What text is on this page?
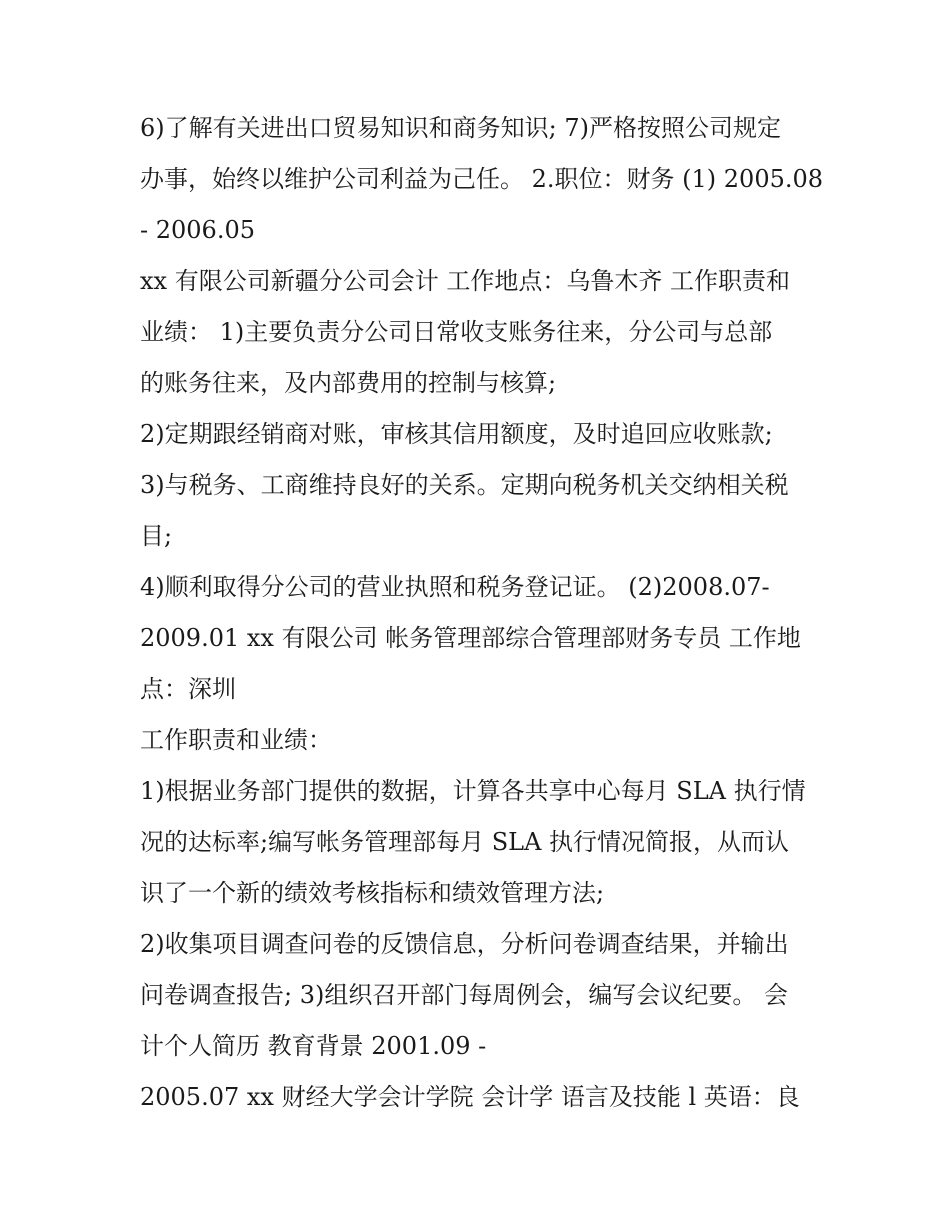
6)了解有关进出口贸易知识和商务知识; 7)严格按照公司规定
办事，始终以维护公司利益为己任。 2.职位：财务 (1) 2005.08
- 2006.05
xx 有限公司新疆分公司会计 工作地点：乌鲁木齐 工作职责和
业绩： 1)主要负责分公司日常收支账务往来，分公司与总部
的账务往来，及内部费用的控制与核算;
2)定期跟经销商对账，审核其信用额度，及时追回应收账款;
3)与税务、工商维持良好的关系。定期向税务机关交纳相关税
目;
4)顺利取得分公司的营业执照和税务登记证。 (2)2008.07-
2009.01 xx 有限公司 帐务管理部综合管理部财务专员 工作地
点：深圳
工作职责和业绩：
1)根据业务部门提供的数据，计算各共享中心每月 SLA 执行情
况的达标率;编写帐务管理部每月 SLA 执行情况简报，从而认
识了一个新的绩效考核指标和绩效管理方法;
2)收集项目调查问卷的反馈信息，分析问卷调查结果，并输出
问卷调查报告; 3)组织召开部门每周例会，编写会议纪要。 会
计个人简历 教育背景 2001.09 -
2005.07 xx 财经大学会计学院 会计学 语言及技能 l 英语：良
